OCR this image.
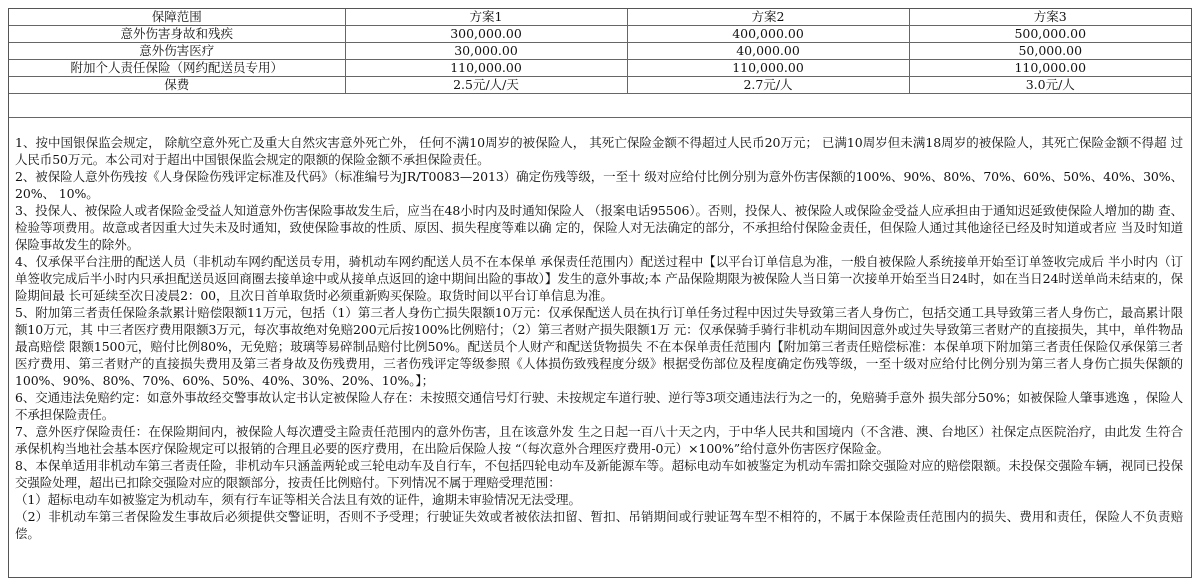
保障范围	方案1	方案2	方案3
意外伤害身故和残疾	300,000.00	400,000.00	500,000.00
意外伤害医疗	30,000.00	40,000.00	50,000.00
附加个人责任保险（网约配送员专用）	110,000.00	110,000.00	110,000.00
保费	2.5元/人/天	2.7元/人	3.0元/人
1、按中国银保监会规定， 除航空意外死亡及重大自然灾害意外死亡外， 任何不满10周岁的被保险人， 其死亡保险金额不得超过人民币20万元； 已满10周岁但未满18周岁的被保险人，其死亡保险金额不得超 过人民币50万元。本公司对于超出中国银保监会规定的限额的保险金额不承担保险责任。
2、被保险人意外伤残按《人身保险伤残评定标准及代码》（标准编号为JR/T0083—2013）确定伤残等级，一至十 级对应给付比例分别为意外伤害保额的100%、90%、80%、70%、60%、50%、40%、30%、20%、 10%。
3、投保人、被保险人或者保险金受益人知道意外伤害保险事故发生后，应当在48小时内及时通知保险人 （报案电话95506）。否则，投保人、被保险人或保险金受益人应承担由于通知迟延致使保险人增加的勘 查、检验等项费用。故意或者因重大过失未及时通知，致使保险事故的性质、原因、损失程度等难以确 定的，保险人对无法确定的部分，不承担给付保险金责任，但保险人通过其他途径已经及时知道或者应 当及时知道保险事故发生的除外。
4、仅承保平台注册的配送人员（非机动车网约配送员专用，骑机动车网约配送人员不在本保单 承保责任范围内）配送过程中【以平台订单信息为准，一般自被保险人系统接单开始至订单签收完成后 半小时内（订单签收完成后半小时内只承担配送员返回商圈去接单途中或从接单点返回的途中期间出险的事故）】发生的意外事故;本 产品保险期限为被保险人当日第一次接单开始至当日24时，如在当日24时送单尚未结束的，保险期间最 长可延续至次日凌晨2：00，且次日首单取货时必须重新购买保险。取货时间以平台订单信息为准。
5、附加第三者责任保险条款累计赔偿限额11万元，包括（1）第三者人身伤亡损失限额10万元：仅承保配送人员在执行订单任务过程中因过失导致第三者人身伤亡，包括交通工具导致第三者人身伤亡，最高累计限额10万元，其 中三者医疗费用限额3万元，每次事故绝对免赔200元后按100%比例赔付；（2）第三者财产损失限额1万 元：仅承保骑手骑行非机动车期间因意外或过失导致第三者财产的直接损失，其中，单件物品最高赔偿 限额1500元，赔付比例80%，无免赔；玻璃等易碎制品赔付比例50%。配送员个人财产和配送货物损失 不在本保单责任范围内【附加第三者责任赔偿标准：本保单项下附加第三者责任保险仅承保第三者医疗费用、第三者财产的直接损失费用及第三者身故及伤残费用，三者伤残评定等级参照《人体损伤致残程度分级》根据受伤部位及程度确定伤残等级，一至十级对应给付比例分别为第三者人身伤亡损失保额的100%、90%、80%、70%、60%、50%、40%、30%、20%、10%。】；
6、交通违法免赔约定：如意外事故经交警事故认定书认定被保险人存在：未按照交通信号灯行驶、未按规定车道行驶、逆行等3项交通违法行为之一的，免赔骑手意外 损失部分50%；如被保险人肇事逃逸 ，保险人不承担保险责任。
7、意外医疗保险责任：在保险期间内，被保险人每次遭受主险责任范围内的意外伤害，且在该意外发 生之日起一百八十天之内，于中华人民共和国境内（不含港、澳、台地区）社保定点医院治疗，由此发 生符合承保机构当地社会基本医疗保险规定可以报销的合理且必要的医疗费用，在出险后保险人按 “（每次意外合理医疗费用-0元）×100%”给付意外伤害医疗保险金。
8、本保单适用非机动车第三者责任险，非机动车只涵盖两轮或三轮电动车及自行车，不包括四轮电动车及新能源车等。超标电动车如被鉴定为机动车需扣除交强险对应的赔偿限额。未投保交强险车辆，视同已投保交强险处理，超出已扣除交强险对应的限额部分，按责任比例赔付。下列情况不属于理赔受理范围：
（1）超标电动车如被鉴定为机动车，须有行车证等相关合法且有效的证件，逾期未审验情况无法受理。
（2）非机动车第三者保险发生事故后必须提供交警证明，否则不予受理；行驶证失效或者被依法扣留、暂扣、吊销期间或行驶证驾车型不相符的，不属于本保险责任范围内的损失、费用和责任，保险人不负责赔偿。
